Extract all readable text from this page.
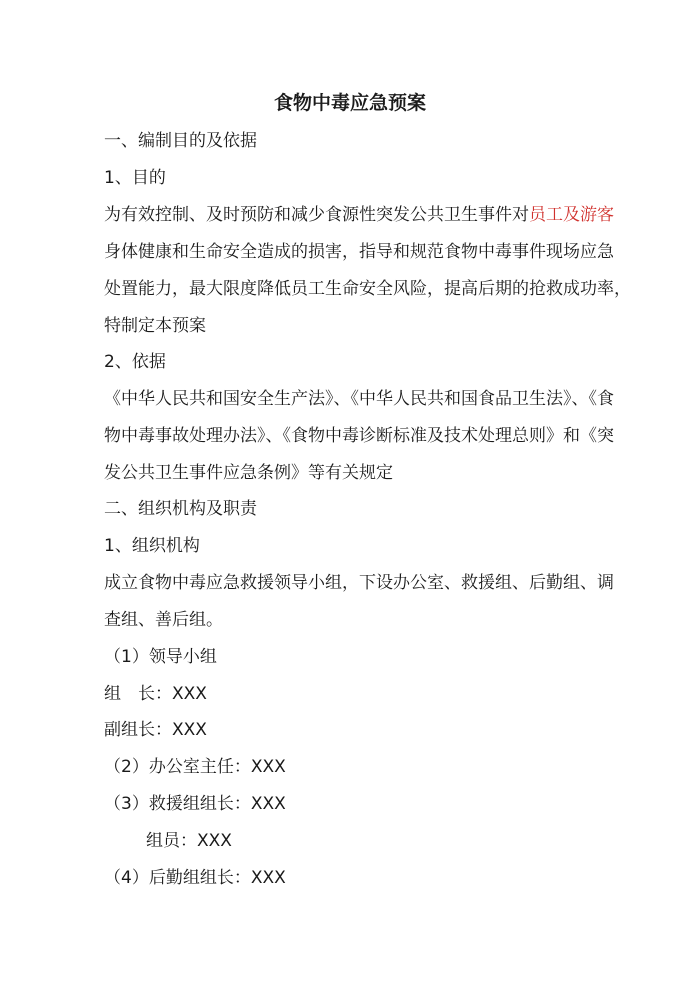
食物中毒应急预案
一、编制目的及依据
1、目的
为有效控制、及时预防和减少食源性突发公共卫生事件对员工及游客
身体健康和生命安全造成的损害，指导和规范食物中毒事件现场应急
处置能力，最大限度降低员工生命安全风险，提高后期的抢救成功率，
特制定本预案
2、依据
《中华人民共和国安全生产法》、《中华人民共和国食品卫生法》、《食
物中毒事故处理办法》、《食物中毒诊断标准及技术处理总则》和《突
发公共卫生事件应急条例》等有关规定
二、组织机构及职责
1、组织机构
成立食物中毒应急救援领导小组，下设办公室、救援组、后勤组、调
查组、善后组。
（1）领导小组
组　长：XXX
副组长：XXX
（2）办公室主任：XXX
（3）救援组组长：XXX
组员：XXX
（4）后勤组组长：XXX
